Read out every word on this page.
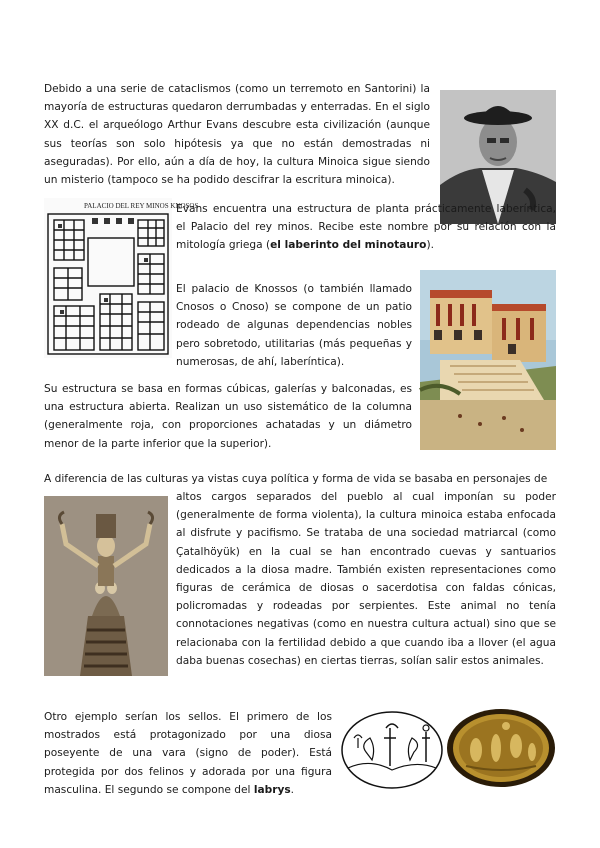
Debido a una serie de cataclismos (como un terremoto en Santorini) la mayoría de estructuras quedaron derrumbadas y enterradas. En el siglo XX d.C. el arqueólogo Arthur Evans descubre esta civilización (aunque sus teorías son solo hipótesis ya que no están demostradas ni aseguradas). Por ello, aún a día de hoy, la cultura Minoica sigue siendo un misterio (tampoco se ha podido descifrar la escritura minoica).

PALACIO DEL REY MINOS KNOSOS

Evans encuentra una estructura de planta prácticamente laberíntica, el Palacio del rey minos. Recibe este nombre por su relación con la mitología griega (el laberinto del minotauro).

El palacio de Knossos (o también llamado Cnosos o Cnoso) se compone de un patio rodeado de algunas dependencias nobles pero sobretodo, utilitarias (más pequeñas y numerosas, de ahí, laberíntica).

Su estructura se basa en formas cúbicas, galerías y balconadas, es una estructura abierta. Realizan un uso sistemático de la columna (generalmente roja, con proporciones achatadas y un diámetro menor de la parte inferior que la superior).

A diferencia de las culturas ya vistas cuya política y forma de vida se basaba en personajes de

altos cargos separados del pueblo al cual imponían su poder (generalmente de forma violenta), la cultura minoica estaba enfocada al disfrute y pacifismo. Se trataba de una sociedad matriarcal (como Çatalhöyük) en la cual se han encontrado cuevas y santuarios dedicados a la diosa madre. También existen representaciones como figuras de cerámica de diosas o sacerdotisa con faldas cónicas, policromadas y rodeadas por serpientes. Este animal no tenía connotaciones negativas (como en nuestra cultura actual) sino que se relacionaba con la fertilidad debido a que cuando iba a llover (el agua daba buenas cosechas) en ciertas tierras, solían salir estos animales.

Otro ejemplo serían los sellos. El primero de los mostrados está protagonizado por una diosa poseyente de una vara (signo de poder). Está protegida por dos felinos y adorada por una figura masculina. El segundo se compone del labrys.
